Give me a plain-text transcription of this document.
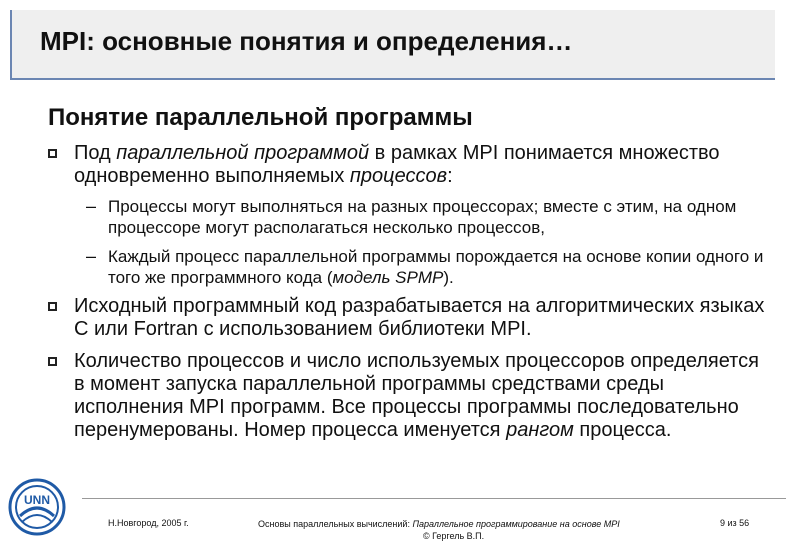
MPI: основные понятия и определения…
Понятие параллельной программы
Под параллельной программой в рамках MPI понимается множество одновременно выполняемых процессов:
– Процессы могут выполняться на разных процессорах; вместе с этим, на одном процессоре могут располагаться несколько процессов,
– Каждый процесс параллельной программы порождается на основе копии одного и того же программного кода (модель SPMP).
Исходный программный код разрабатывается на алгоритмических языках C или Fortran с использованием библиотеки MPI.
Количество процессов и число используемых процессоров определяется в момент запуска параллельной программы средствами среды исполнения MPI программ. Все процессы программы последовательно перенумерованы. Номер процесса именуется рангом процесса.
UNN
Н.Новгород, 2005 г.	Основы параллельных вычислений: Параллельное программирование на основе MPI
© Гергель В.П.
9 из 56
